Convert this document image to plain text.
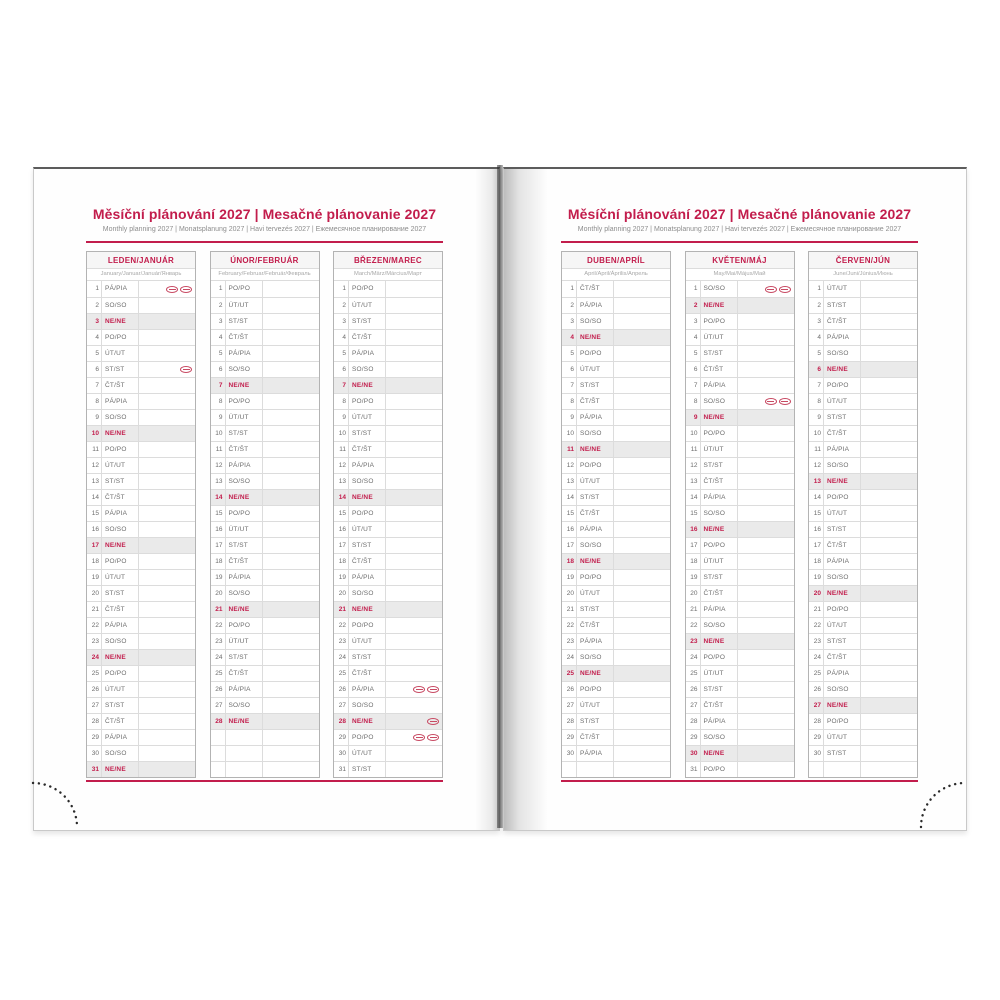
Měsíční plánování 2027 | Mesačné plánovanie 2027
Monthly planning 2027 | Monatsplanung 2027 | Havi tervezés 2027 | Ежемесячное планирование 2027
LEDEN/JANUÁR
January/Januar/Január/Январь
1 PÁ/PIA
2 SO/SO
3 NE/NE
4 PO/PO
5 ÚT/UT
6 ST/ST
7 ČT/ŠT
8 PÁ/PIA
9 SO/SO
10 NE/NE
11 PO/PO
12 ÚT/UT
13 ST/ST
14 ČT/ŠT
15 PÁ/PIA
16 SO/SO
17 NE/NE
18 PO/PO
19 ÚT/UT
20 ST/ST
21 ČT/ŠT
22 PÁ/PIA
23 SO/SO
24 NE/NE
25 PO/PO
26 ÚT/UT
27 ST/ST
28 ČT/ŠT
29 PÁ/PIA
30 SO/SO
31 NE/NE
ÚNOR/FEBRUÁR
February/Februar/Február/Февраль
1 PO/PO
2 ÚT/UT
3 ST/ST
4 ČT/ŠT
5 PÁ/PIA
6 SO/SO
7 NE/NE
8 PO/PO
9 ÚT/UT
10 ST/ST
11 ČT/ŠT
12 PÁ/PIA
13 SO/SO
14 NE/NE
15 PO/PO
16 ÚT/UT
17 ST/ST
18 ČT/ŠT
19 PÁ/PIA
20 SO/SO
21 NE/NE
22 PO/PO
23 ÚT/UT
24 ST/ST
25 ČT/ŠT
26 PÁ/PIA
27 SO/SO
28 NE/NE
BŘEZEN/MAREC
March/März/Március/Март
1 PO/PO
2 ÚT/UT
3 ST/ST
4 ČT/ŠT
5 PÁ/PIA
6 SO/SO
7 NE/NE
8 PO/PO
9 ÚT/UT
10 ST/ST
11 ČT/ŠT
12 PÁ/PIA
13 SO/SO
14 NE/NE
15 PO/PO
16 ÚT/UT
17 ST/ST
18 ČT/ŠT
19 PÁ/PIA
20 SO/SO
21 NE/NE
22 PO/PO
23 ÚT/UT
24 ST/ST
25 ČT/ŠT
26 PÁ/PIA
27 SO/SO
28 NE/NE
29 PO/PO
30 ÚT/UT
31 ST/ST
Měsíční plánování 2027 | Mesačné plánovanie 2027
Monthly planning 2027 | Monatsplanung 2027 | Havi tervezés 2027 | Ежемесячное планирование 2027
DUBEN/APRÍL
April/April/Április/Апрель
1 ČT/ŠT
2 PÁ/PIA
3 SO/SO
4 NE/NE
5 PO/PO
6 ÚT/UT
7 ST/ST
8 ČT/ŠT
9 PÁ/PIA
10 SO/SO
11 NE/NE
12 PO/PO
13 ÚT/UT
14 ST/ST
15 ČT/ŠT
16 PÁ/PIA
17 SO/SO
18 NE/NE
19 PO/PO
20 ÚT/UT
21 ST/ST
22 ČT/ŠT
23 PÁ/PIA
24 SO/SO
25 NE/NE
26 PO/PO
27 ÚT/UT
28 ST/ST
29 ČT/ŠT
30 PÁ/PIA
KVĚTEN/MÁJ
May/Mai/Május/Май
1 SO/SO
2 NE/NE
3 PO/PO
4 ÚT/UT
5 ST/ST
6 ČT/ŠT
7 PÁ/PIA
8 SO/SO
9 NE/NE
10 PO/PO
11 ÚT/UT
12 ST/ST
13 ČT/ŠT
14 PÁ/PIA
15 SO/SO
16 NE/NE
17 PO/PO
18 ÚT/UT
19 ST/ST
20 ČT/ŠT
21 PÁ/PIA
22 SO/SO
23 NE/NE
24 PO/PO
25 ÚT/UT
26 ST/ST
27 ČT/ŠT
28 PÁ/PIA
29 SO/SO
30 NE/NE
31 PO/PO
ČERVEN/JÚN
June/Juni/Június/Июнь
1 ÚT/UT
2 ST/ST
3 ČT/ŠT
4 PÁ/PIA
5 SO/SO
6 NE/NE
7 PO/PO
8 ÚT/UT
9 ST/ST
10 ČT/ŠT
11 PÁ/PIA
12 SO/SO
13 NE/NE
14 PO/PO
15 ÚT/UT
16 ST/ST
17 ČT/ŠT
18 PÁ/PIA
19 SO/SO
20 NE/NE
21 PO/PO
22 ÚT/UT
23 ST/ST
24 ČT/ŠT
25 PÁ/PIA
26 SO/SO
27 NE/NE
28 PO/PO
29 ÚT/UT
30 ST/ST
